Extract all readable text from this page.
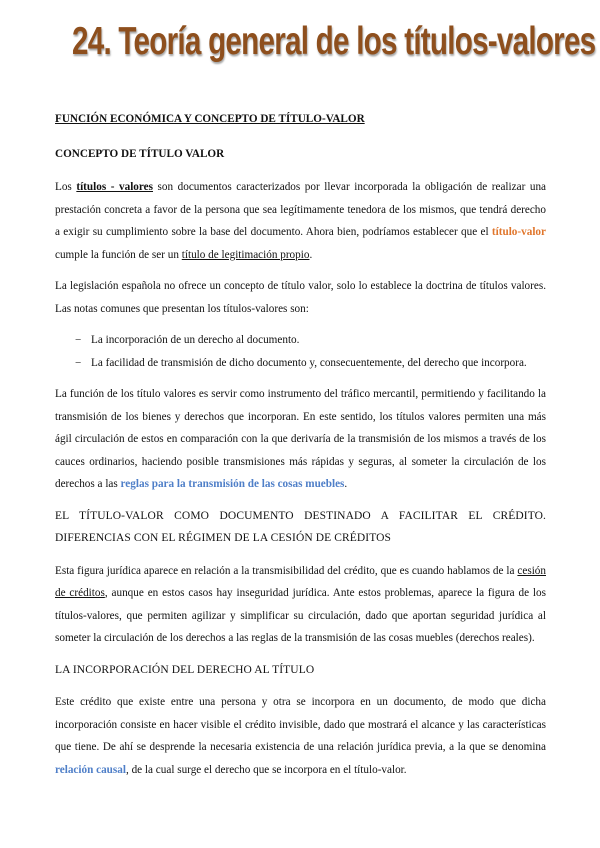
24. Teoría general de los títulos-valores

FUNCIÓN ECONÓMICA Y CONCEPTO DE TÍTULO-VALOR

CONCEPTO DE TÍTULO VALOR

Los títulos - valores son documentos caracterizados por llevar incorporada la obligación de realizar una prestación concreta a favor de la persona que sea legítimamente tenedora de los mismos, que tendrá derecho a exigir su cumplimiento sobre la base del documento. Ahora bien, podríamos establecer que el título-valor cumple la función de ser un título de legitimación propio.

La legislación española no ofrece un concepto de título valor, solo lo establece la doctrina de títulos valores. Las notas comunes que presentan los títulos-valores son:

− La incorporación de un derecho al documento.
− La facilidad de transmisión de dicho documento y, consecuentemente, del derecho que incorpora.

La función de los título valores es servir como instrumento del tráfico mercantil, permitiendo y facilitando la transmisión de los bienes y derechos que incorporan. En este sentido, los títulos valores permiten una más ágil circulación de estos en comparación con la que derivaría de la transmisión de los mismos a través de los cauces ordinarios, haciendo posible transmisiones más rápidas y seguras, al someter la circulación de los derechos a las reglas para la transmisión de las cosas muebles.

EL TÍTULO-VALOR COMO DOCUMENTO DESTINADO A FACILITAR EL CRÉDITO. DIFERENCIAS CON EL RÉGIMEN DE LA CESIÓN DE CRÉDITOS

Esta figura jurídica aparece en relación a la transmisibilidad del crédito, que es cuando hablamos de la cesión de créditos, aunque en estos casos hay inseguridad jurídica. Ante estos problemas, aparece la figura de los títulos-valores, que permiten agilizar y simplificar su circulación, dado que aportan seguridad jurídica al someter la circulación de los derechos a las reglas de la transmisión de las cosas muebles (derechos reales).

LA INCORPORACIÓN DEL DERECHO AL TÍTULO

Este crédito que existe entre una persona y otra se incorpora en un documento, de modo que dicha incorporación consiste en hacer visible el crédito invisible, dado que mostrará el alcance y las características que tiene. De ahí se desprende la necesaria existencia de una relación jurídica previa, a la que se denomina relación causal, de la cual surge el derecho que se incorpora en el título-valor.
